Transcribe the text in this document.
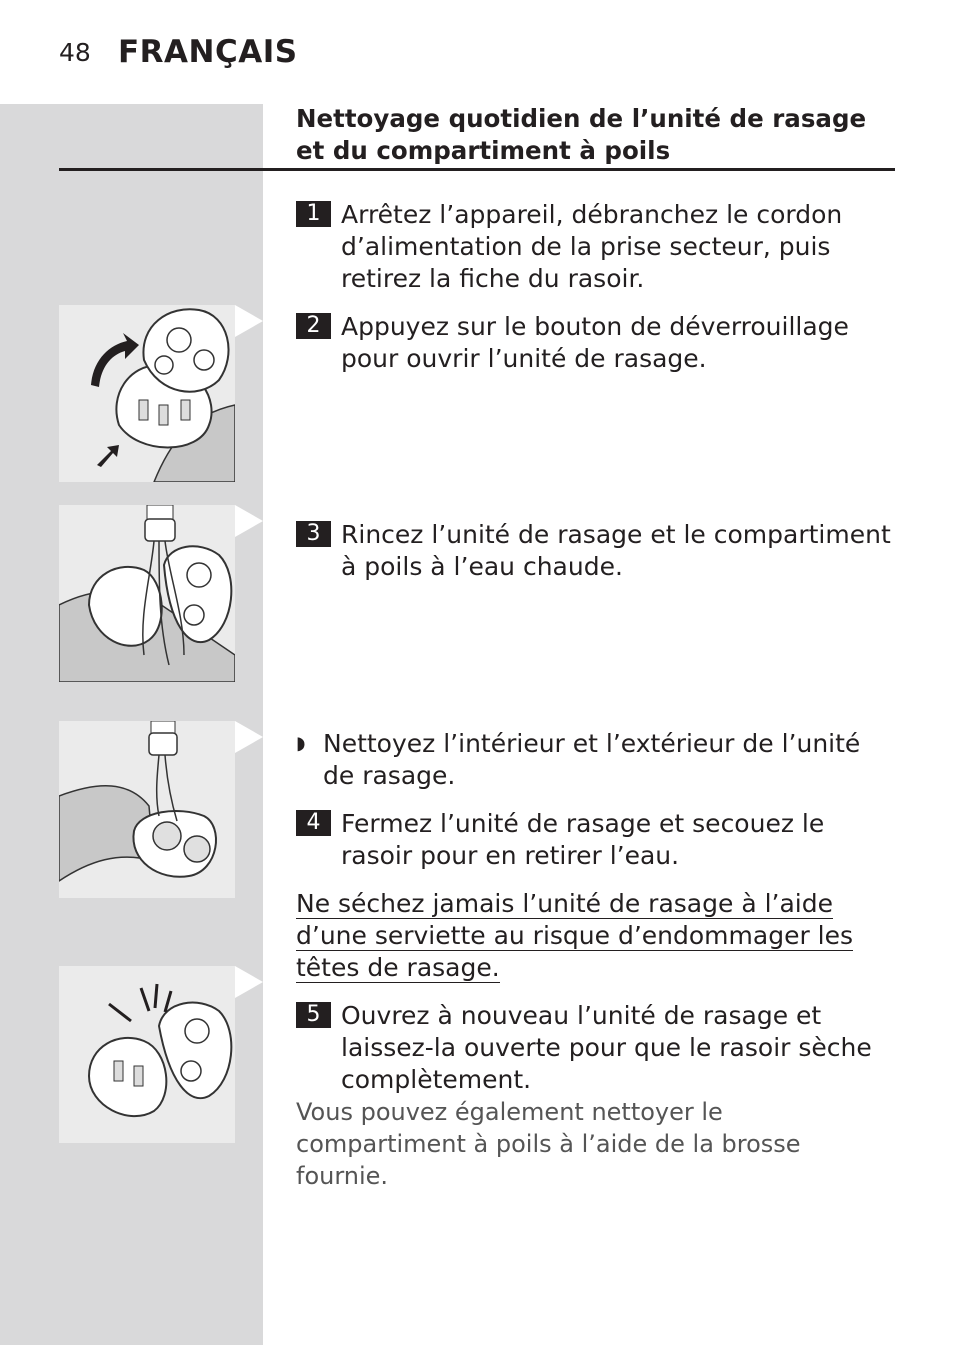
48 FRANÇAIS
Nettoyage quotidien de l’unité de rasage et du compartiment à poils
1 Arrêtez l’appareil, débranchez le cordon d’alimentation de la prise secteur, puis retirez la fiche du rasoir.
2 Appuyez sur le bouton de déverrouillage pour ouvrir l’unité de rasage.
3 Rincez l’unité de rasage et le compartiment à poils à l’eau chaude.
◗ Nettoyez l’intérieur et l’extérieur de l’unité de rasage.
4 Fermez l’unité de rasage et secouez le rasoir pour en retirer l’eau.
Ne séchez jamais l’unité de rasage à l’aide d’une serviette au risque d’endommager les têtes de rasage.
5 Ouvrez à nouveau l’unité de rasage et laissez-la ouverte pour que le rasoir sèche complètement.
Vous pouvez également nettoyer le compartiment à poils à l’aide de la brosse fournie.
